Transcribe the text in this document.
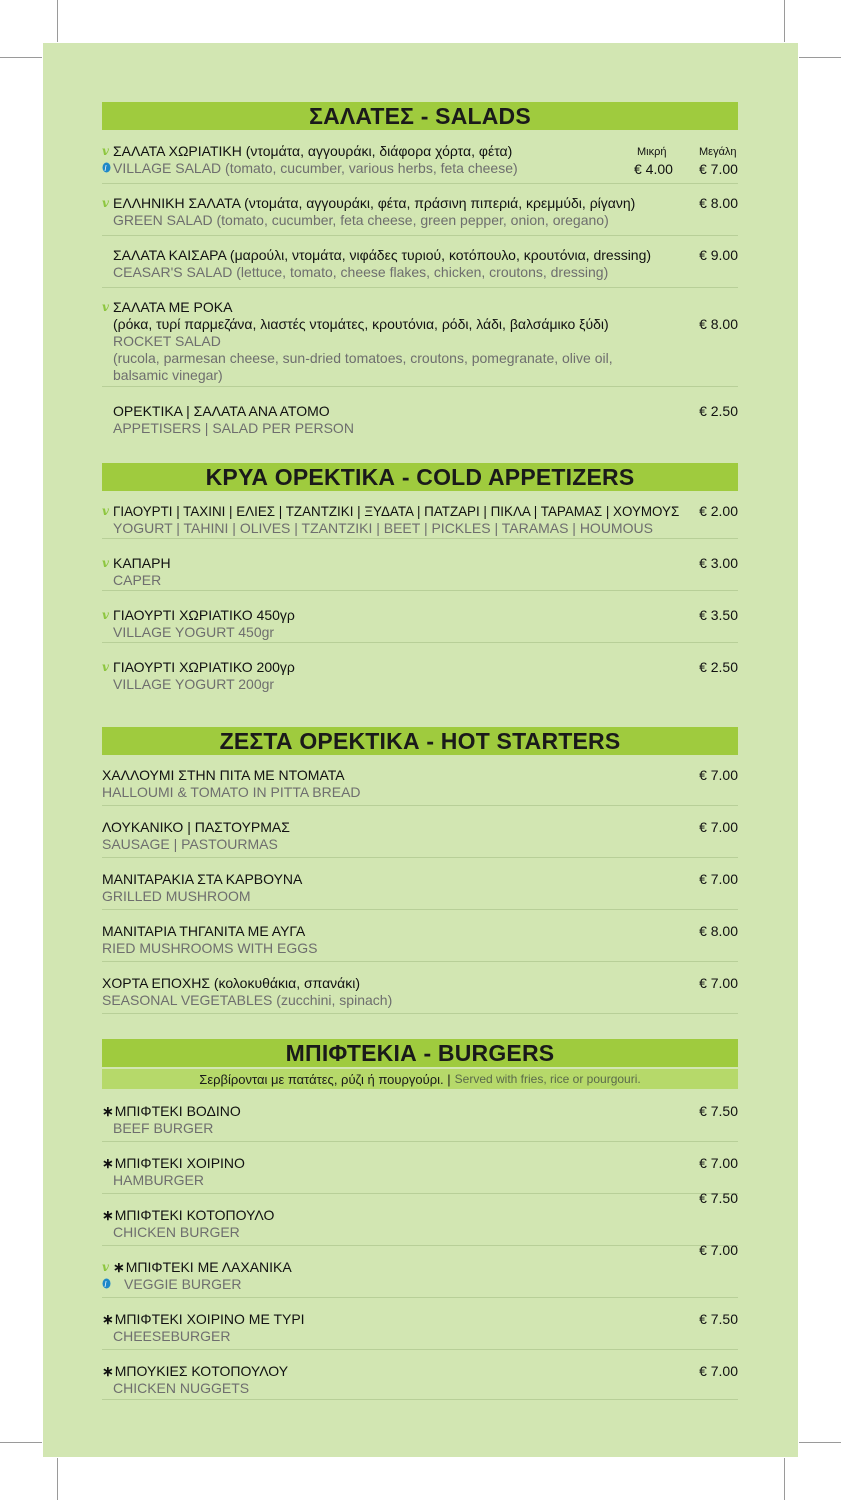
ΣΑΛΑΤΕΣ - SALADS
Μικρή	Μεγάλη
v ΣΑΛΑΤΑ ΧΩΡΙΑΤΙΚΗ (ντομάτα, αγγουράκι, διάφορα χόρτα, φέτα)
l VILLAGE SALAD (tomato, cucumber, various herbs, feta cheese)	€ 4.00 € 7.00
v ΕΛΛΗΝΙΚΗ ΣΑΛΑΤΑ (ντομάτα, αγγουράκι, φέτα, πράσινη πιπεριά, κρεμμύδι, ρίγανη)
GREEN SALAD (tomato, cucumber, feta cheese, green pepper, onion, oregano)
€ 8.00
ΣΑΛΑΤΑ ΚΑΙΣΑΡΑ (μαρούλι, ντομάτα, νιφάδες τυριού, κοτόπουλο, κρουτόνια, dressing)
CEASAR'S SALAD (lettuce, tomato, cheese flakes, chicken, croutons, dressing)
€ 9.00
v ΣΑΛΑΤΑ ΜΕ ΡΟΚΑ
(ρόκα, τυρί παρμεζάνα, λιαστές ντομάτες, κρουτόνια, ρόδι, λάδι, βαλσάμικο ξύδι)
ROCKET SALAD
(rucola, parmesan cheese, sun-dried tomatoes, croutons, pomegranate, olive oil,
balsamic vinegar)
€ 8.00
ΟΡΕΚΤΙΚΑ | ΣΑΛΑΤΑ ΑΝΑ ΑΤΟΜΟ
APPETISERS | SALAD PER PERSON
€ 2.50
ΚΡΥΑ ΟΡΕΚΤΙΚΑ - COLD APPETIZERS
v ΓΙΑΟΥΡΤΙ | ΤΑΧΙΝΙ | ΕΛΙΕΣ | ΤΖΑΝΤΖΙΚΙ | ΞΥΔΑΤΑ | ΠΑΤΖΑΡΙ | ΠΙΚΛΑ | ΤΑΡΑΜΑΣ | ΧΟΥΜΟΥΣ
YOGURT | TAHINI | OLIVES | TZANTZIKI | BEET | PICKLES | TARAMAS | HOUMOUS
€ 2.00
v ΚΑΠΑΡΗ
CAPER
€ 3.00
v ΓΙΑΟΥΡΤΙ ΧΩΡΙΑΤΙΚΟ 450γρ
VILLAGE YOGURT 450gr
€ 3.50
v ΓΙΑΟΥΡΤΙ ΧΩΡΙΑΤΙΚΟ 200γρ
VILLAGE YOGURT 200gr
€ 2.50
ΖΕΣΤΑ ΟΡΕΚΤΙΚΑ - HOT STARTERS
ΧΑΛΛΟΥΜΙ ΣΤΗΝ ΠΙΤΑ ΜΕ ΝΤΟΜΑΤΑ
HALLOUMI & TOMATO IN PITTA BREAD
€ 7.00
ΛΟΥΚΑΝΙΚΟ | ΠΑΣΤΟΥΡΜΑΣ
SAUSAGE | PASTOURMAS
€ 7.00
ΜΑΝΙΤΑΡΑΚΙΑ ΣΤΑ ΚΑΡΒΟΥΝΑ
GRILLED MUSHROOM
€ 7.00
ΜΑΝΙΤΑΡΙΑ ΤΗΓΑΝΙΤΑ ΜΕ ΑΥΓΑ
RIED MUSHROOMS WITH EGGS
€ 8.00
ΧΟΡΤΑ ΕΠΟΧΗΣ (κολοκυθάκια, σπανάκι)
SEASONAL VEGETABLES (zucchini, spinach)
€ 7.00
ΜΠΙΦΤΕΚΙΑ - BURGERS
Σερβίρονται με πατάτες, ρύζι ή πουργούρι. | Served with fries, rice or pourgouri.
∗ΜΠΙΦΤΕΚΙ ΒΟΔΙΝΟ
BEEF BURGER
€ 7.50
∗ΜΠΙΦΤΕΚΙ ΧΟΙΡΙΝΟ
HAMBURGER
€ 7.00
∗ΜΠΙΦΤΕΚΙ ΚΟΤΟΠΟΥΛΟ
CHICKEN BURGER
€ 7.50
v ∗ΜΠΙΦΤΕΚΙ ΜΕ ΛΑΧΑΝΙΚΑ
l VEGGIE BURGER
€ 7.00
∗ΜΠΙΦΤΕΚΙ ΧΟΙΡΙΝΟ ΜΕ ΤΥΡΙ
CHEESEBURGER
€ 7.50
∗ΜΠΟΥΚΙΕΣ ΚΟΤΟΠΟΥΛΟΥ
CHICKEN NUGGETS
€ 7.00
